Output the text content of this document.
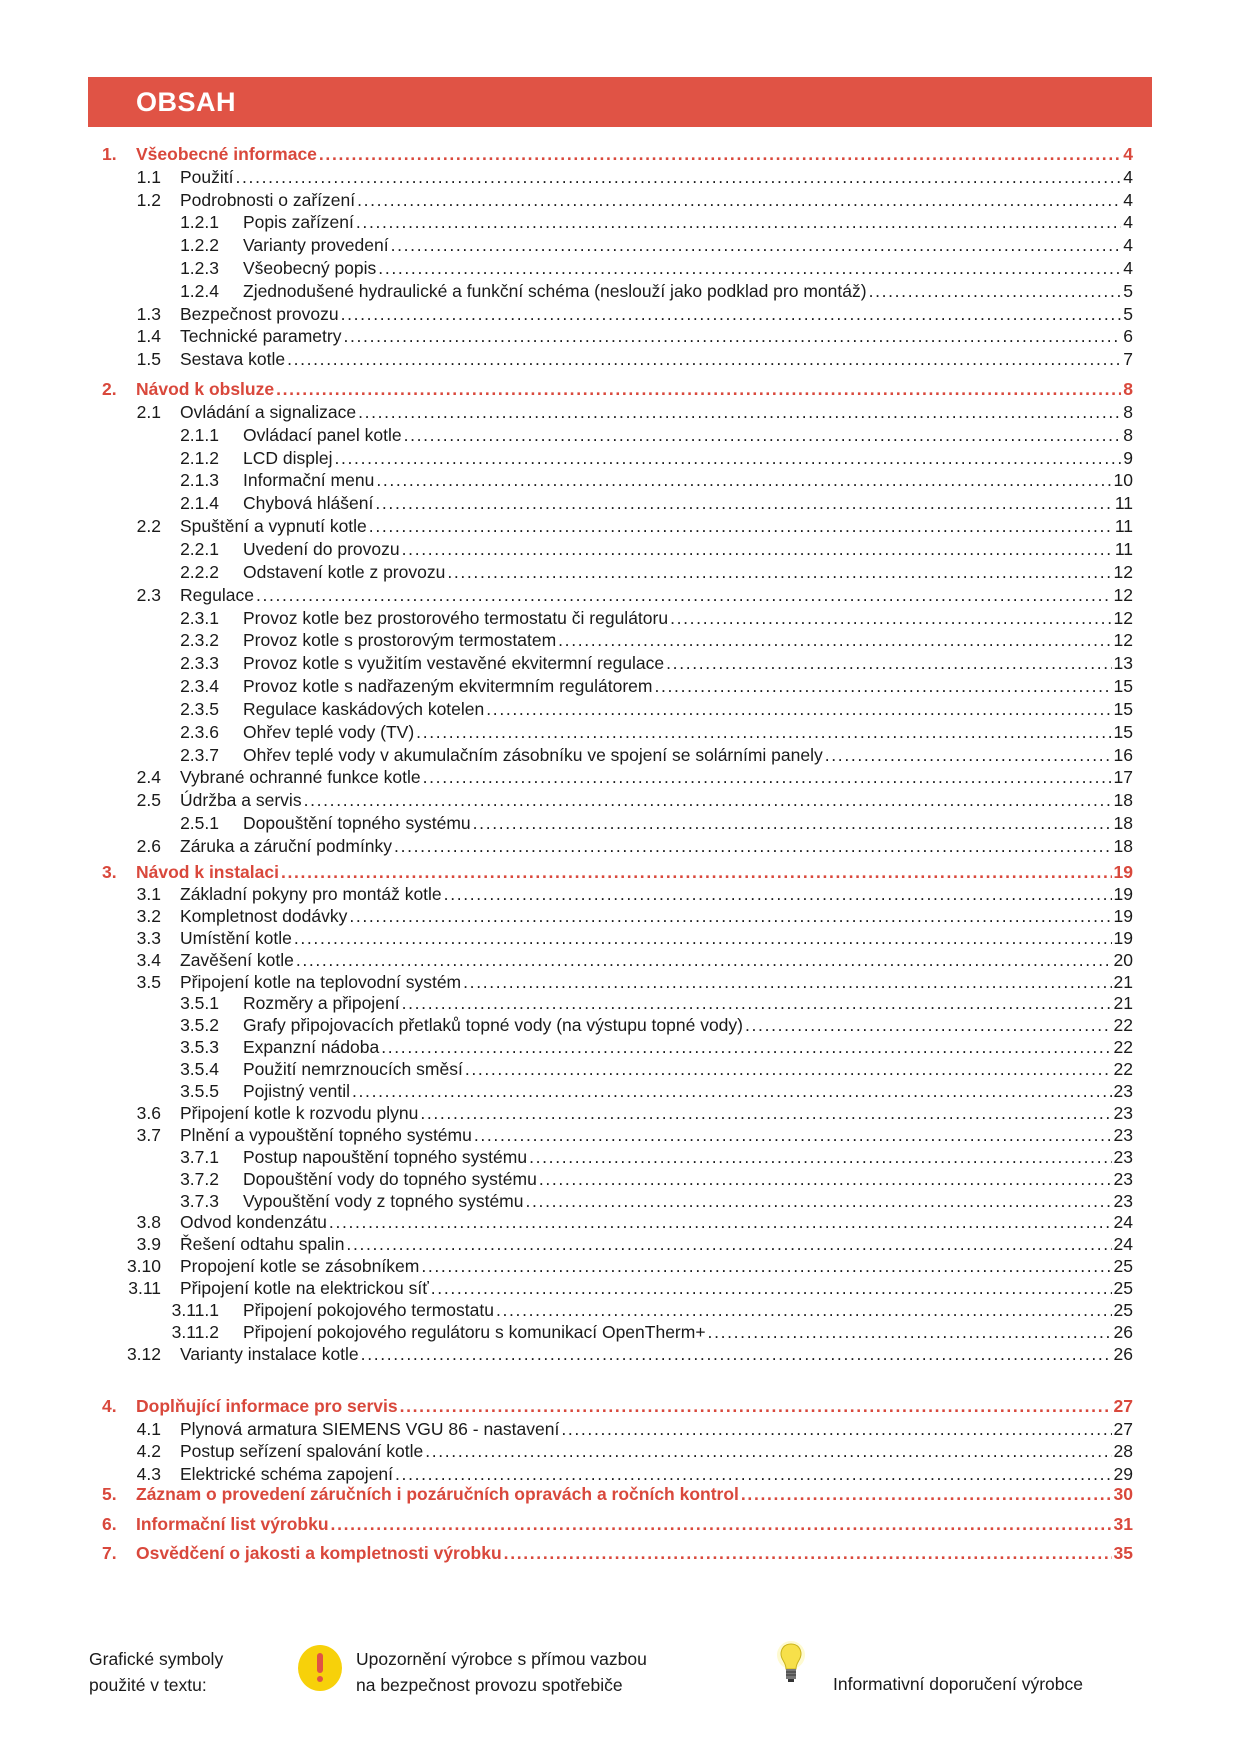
OBSAH
1. Všeobecné informace . . .	4
1.1 Použití . . .	4
1.2 Podrobnosti o zařízení . . .	4
1.2.1 Popis zařízení . . .	4
1.2.2 Varianty provedení . . .	4
1.2.3 Všeobecný popis . . .	4
1.2.4 Zjednodušené hydraulické a funkční schéma (neslouží jako podklad pro montáž) . . .	5
1.3 Bezpečnost provozu . . .	5
1.4 Technické parametry . . .	6
1.5 Sestava kotle . . .	7
2. Návod k obsluze . . .	8
2.1 Ovládání a signalizace . . .	8
2.1.1 Ovládací panel kotle . . .	8
2.1.2 LCD displej . . .	9
2.1.3 Informační menu . . .	10
2.1.4 Chybová hlášení . . .	11
2.2 Spuštění a vypnutí kotle . . .	11
2.2.1 Uvedení do provozu . . .	11
2.2.2 Odstavení kotle z provozu . . .	12
2.3 Regulace . . .	12
2.3.1 Provoz kotle bez prostorového termostatu či regulátoru . . .	12
2.3.2 Provoz kotle s prostorovým termostatem . . .	12
2.3.3 Provoz kotle s využitím vestavěné ekvitermní regulace . . .	13
2.3.4 Provoz kotle s nadřazeným ekvitermním regulátorem . . .	15
2.3.5 Regulace kaskádových kotelen . . .	15
2.3.6 Ohřev teplé vody (TV) . . .	15
2.3.7 Ohřev teplé vody v akumulačním zásobníku ve spojení se solárními panely . . .	16
2.4 Vybrané ochranné funkce kotle . . .	17
2.5 Údržba a servis . . .	18
2.5.1 Dopouštění topného systému . . .	18
2.6 Záruka a záruční podmínky . . .	18
3. Návod k instalaci . . .	19
3.1 Základní pokyny pro montáž kotle . . .	19
3.2 Kompletnost dodávky . . .	19
3.3 Umístění kotle . . .	19
3.4 Zavěšení kotle . . .	20
3.5 Připojení kotle na teplovodní systém . . .	21
3.5.1 Rozměry a připojení . . .	21
3.5.2 Grafy připojovacích přetlaků topné vody (na výstupu topné vody) . . .	22
3.5.3 Expanzní nádoba . . .	22
3.5.4 Použití nemrznoucích směsí . . .	22
3.5.5 Pojistný ventil . . .	23
3.6 Připojení kotle k rozvodu plynu . . .	23
3.7 Plnění a vypouštění topného systému . . .	23
3.7.1 Postup napouštění topného systému . . .	23
3.7.2 Dopouštění vody do topného systému . . .	23
3.7.3 Vypouštění vody z topného systému . . .	23
3.8 Odvod kondenzátu . . .	24
3.9 Řešení odtahu spalin . . .	24
3.10 Propojení kotle se zásobníkem . . .	25
3.11 Připojení kotle na elektrickou síť . . .	25
3.11.1 Připojení pokojového termostatu . . .	25
3.11.2 Připojení pokojového regulátoru s komunikací OpenTherm+ . . .	26
3.12 Varianty instalace kotle . . .	26
4. Doplňující informace pro servis . . .	27
4.1 Plynová armatura SIEMENS VGU 86 - nastavení . . .	27
4.2 Postup seřízení spalování kotle . . .	28
4.3 Elektrické schéma zapojení . . .	29
5. Záznam o provedení záručních i pozáručních opravách a ročních kontrol . . .	30
6. Informační list výrobku . . .	31
7. Osvědčení o jakosti a kompletnosti výrobku . . .	35
Grafické symboly
použité v textu:
Upozornění výrobce s přímou vazbou
na bezpečnost provozu spotřebiče	Informativní doporučení výrobce
